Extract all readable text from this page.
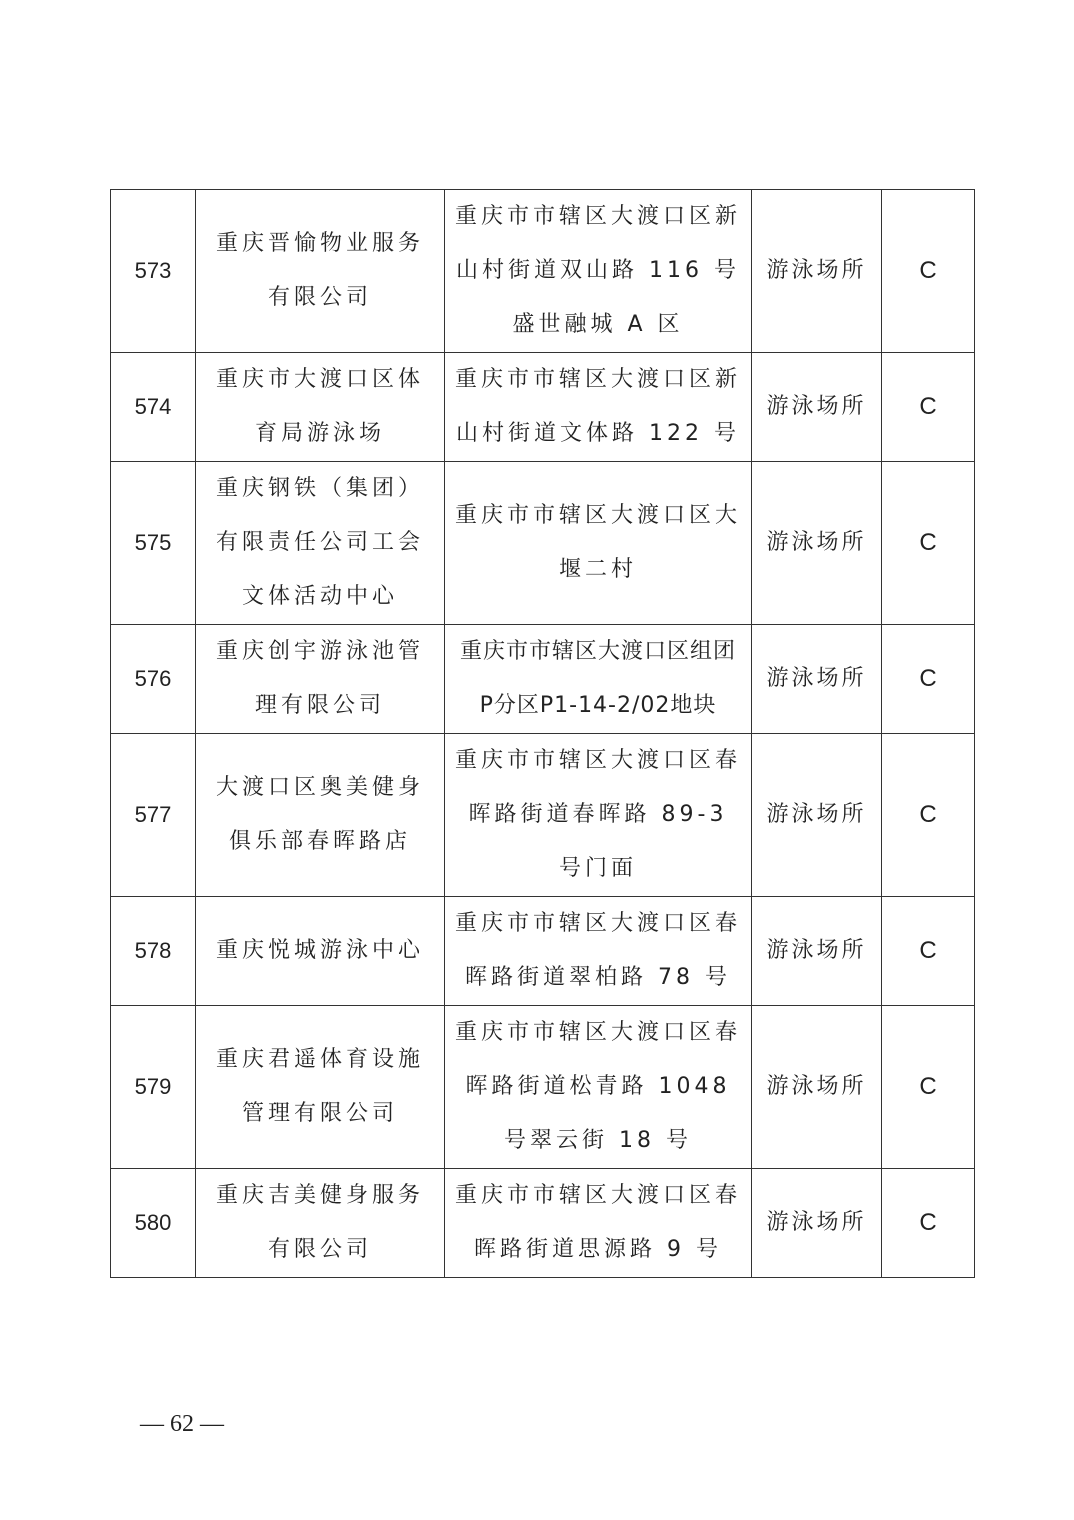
573	重庆晋愉物业服务有限公司	重庆市市辖区大渡口区新山村街道双山路 116 号盛世融城 A 区	游泳场所	C
574	重庆市大渡口区体育局游泳场	重庆市市辖区大渡口区新山村街道文体路 122 号	游泳场所	C
575	重庆钢铁（集团）有限责任公司工会文体活动中心	重庆市市辖区大渡口区大堰二村	游泳场所	C
576	重庆创宇游泳池管理有限公司	重庆市市辖区大渡口区组团P分区P1-14-2/02地块	游泳场所	C
577	大渡口区奥美健身俱乐部春晖路店	重庆市市辖区大渡口区春晖路街道春晖路 89-3 号门面	游泳场所	C
578	重庆悦城游泳中心	重庆市市辖区大渡口区春晖路街道翠柏路 78 号	游泳场所	C
579	重庆君遥体育设施管理有限公司	重庆市市辖区大渡口区春晖路街道松青路 1048 号翠云街 18 号	游泳场所	C
580	重庆吉美健身服务有限公司	重庆市市辖区大渡口区春晖路街道思源路 9 号	游泳场所	C
— 62 —
